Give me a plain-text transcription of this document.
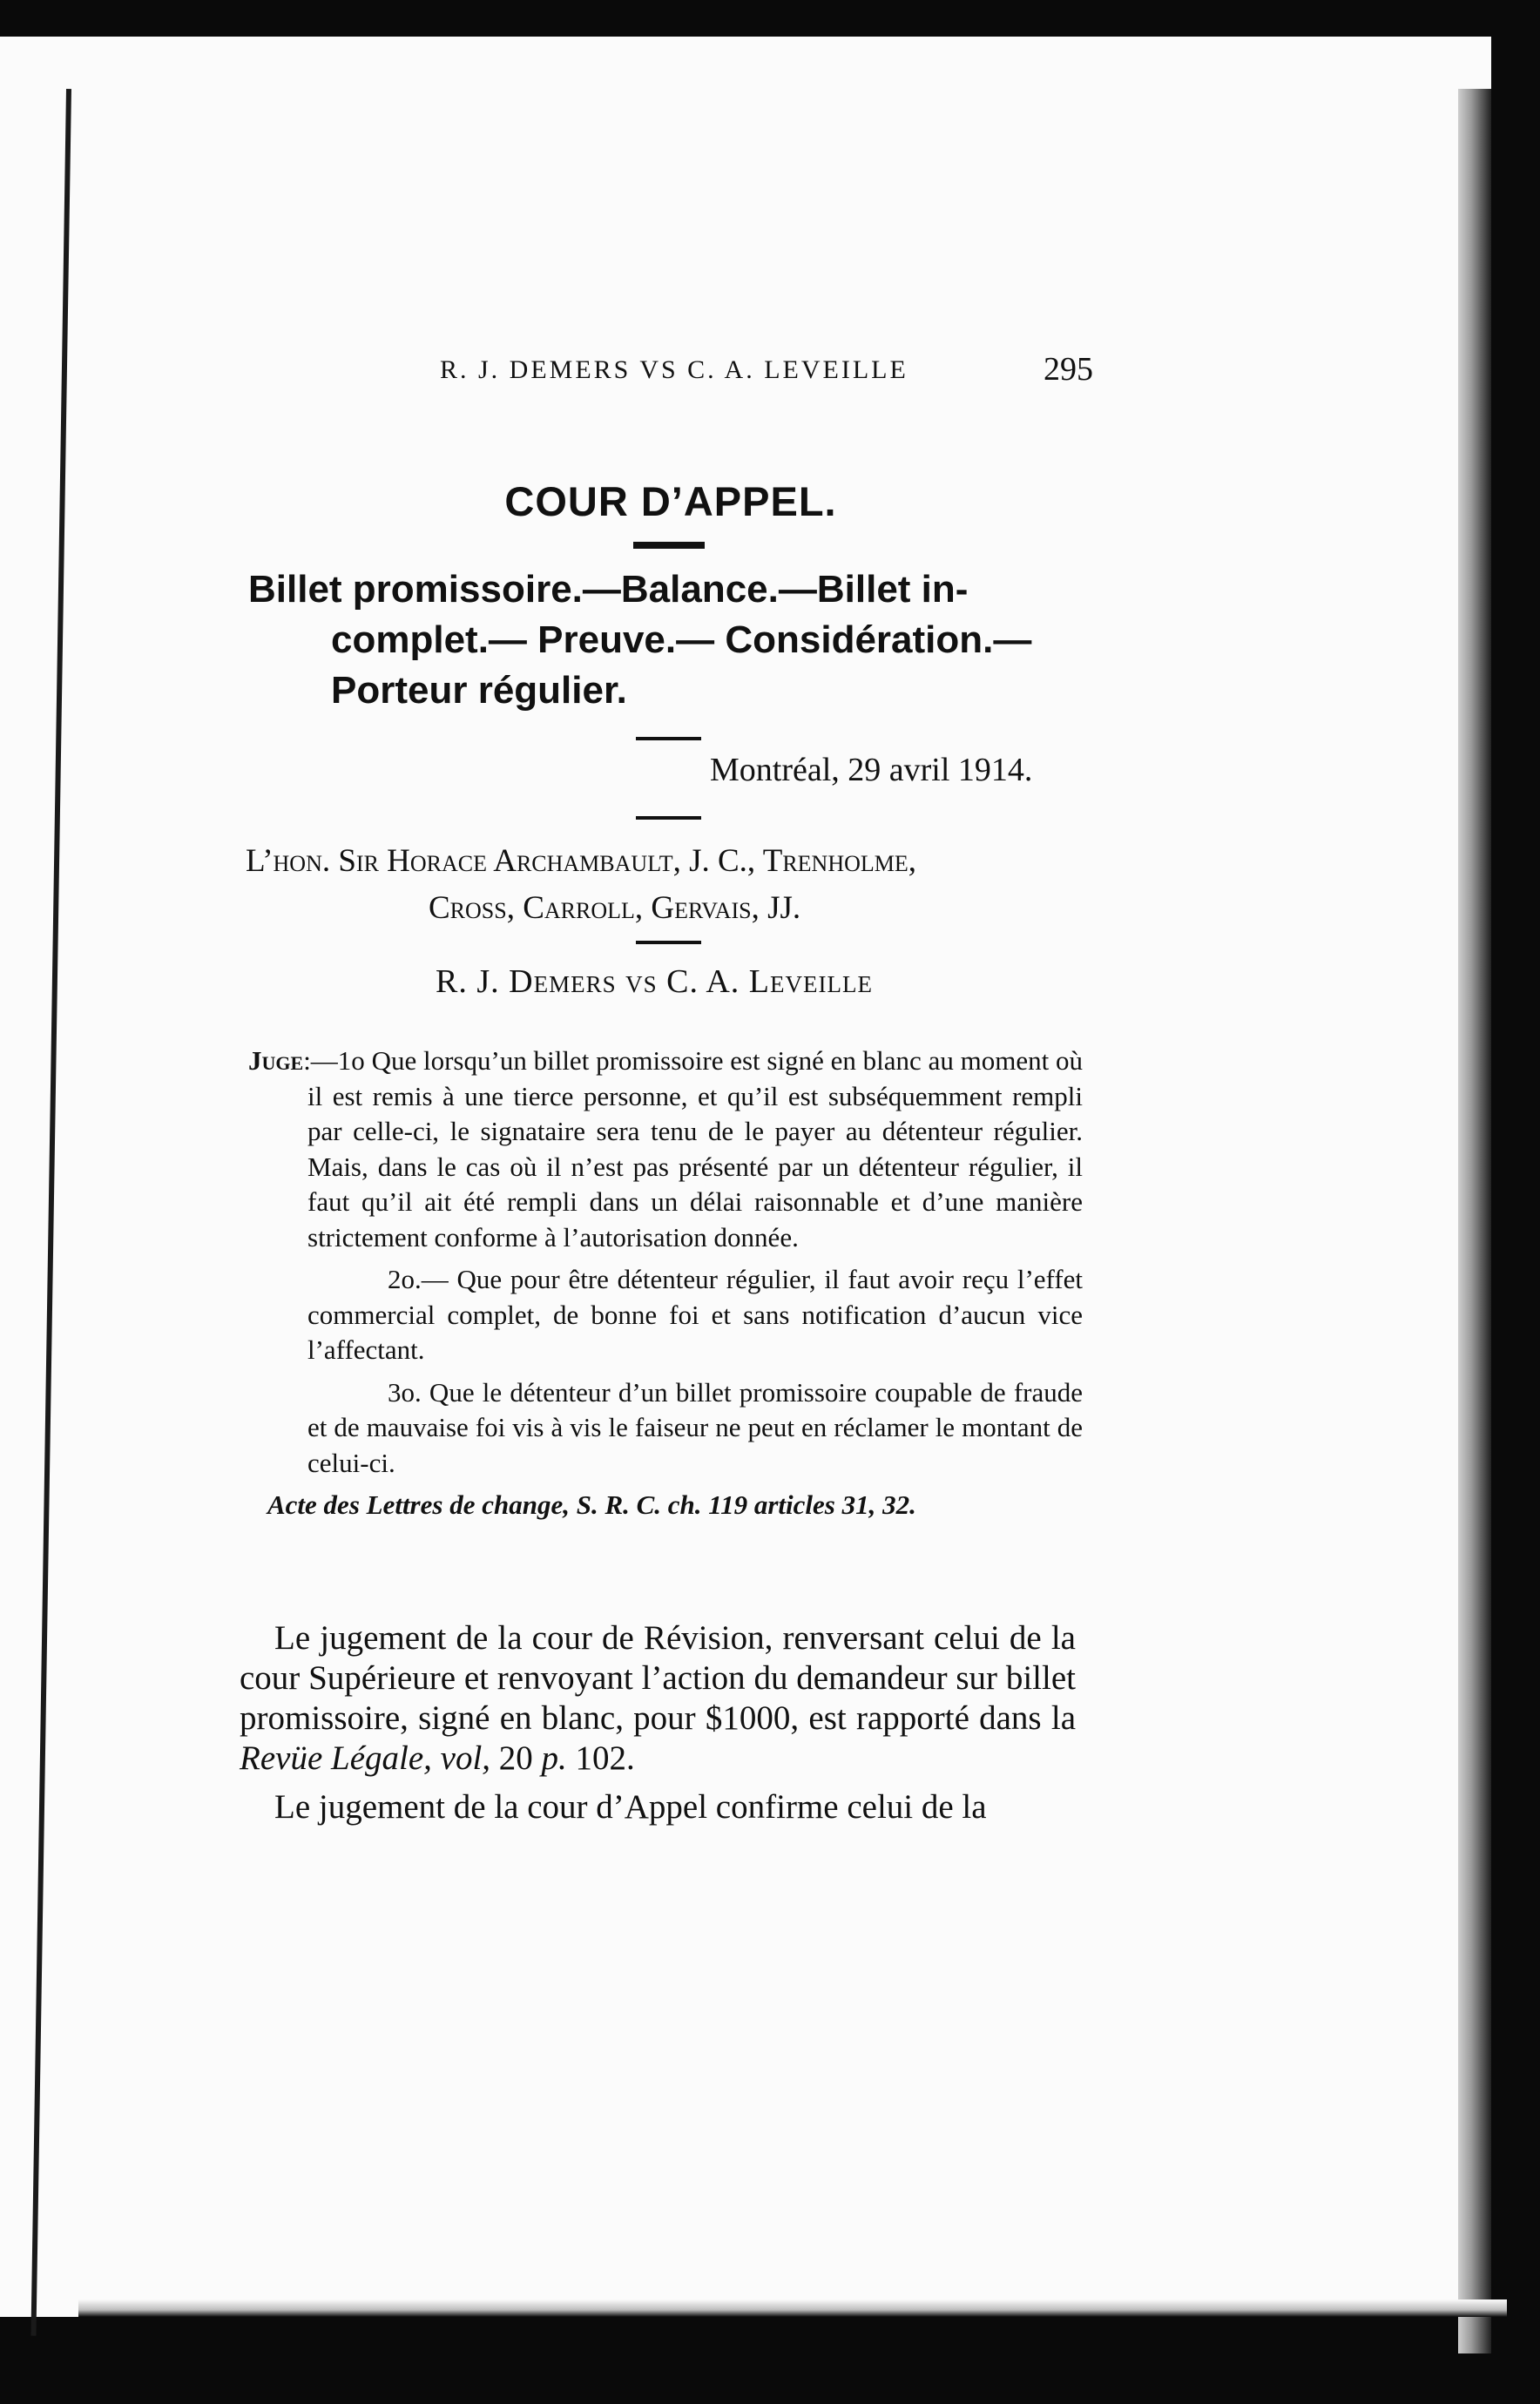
R. J. DEMERS VS C. A. LEVEILLE	295
COUR D’APPEL.
Billet promissoire.—Balance.—Billet in-
complet.— Preuve.— Considération.—
Porteur régulier.
Montréal, 29 avril 1914.
L’hon. Sir Horace Archambault, J. C., Trenholme,
Cross, Carroll, Gervais, JJ.
R. J. Demers vs C. A. Leveille

Juge:—1o Que lorsqu’un billet promissoire est signé en blanc au moment où il est remis à une tierce personne, et qu’il est subséquemment rempli par celle-ci, le signataire sera tenu de le payer au détenteur régulier. Mais, dans le cas où il n’est pas présenté par un détenteur régulier, il faut qu’il ait été rempli dans un délai raisonnable et d’une manière strictement conforme à l’autorisation donnée.

2o.— Que pour être détenteur régulier, il faut avoir reçu l’effet commercial complet, de bonne foi et sans notification d’aucun vice l’affectant.

3o. Que le détenteur d’un billet promissoire coupable de fraude et de mauvaise foi vis à vis le faiseur ne peut en réclamer le montant de celui-ci.

Acte des Lettres de change, S. R. C. ch. 119 articles 31, 32.

Le jugement de la cour de Révision, renversant celui de la cour Supérieure et renvoyant l’action du demandeur sur billet promissoire, signé en blanc, pour $1000, est rapporté dans la Revüe Légale, vol, 20 p. 102.

Le jugement de la cour d’Appel confirme celui de la
